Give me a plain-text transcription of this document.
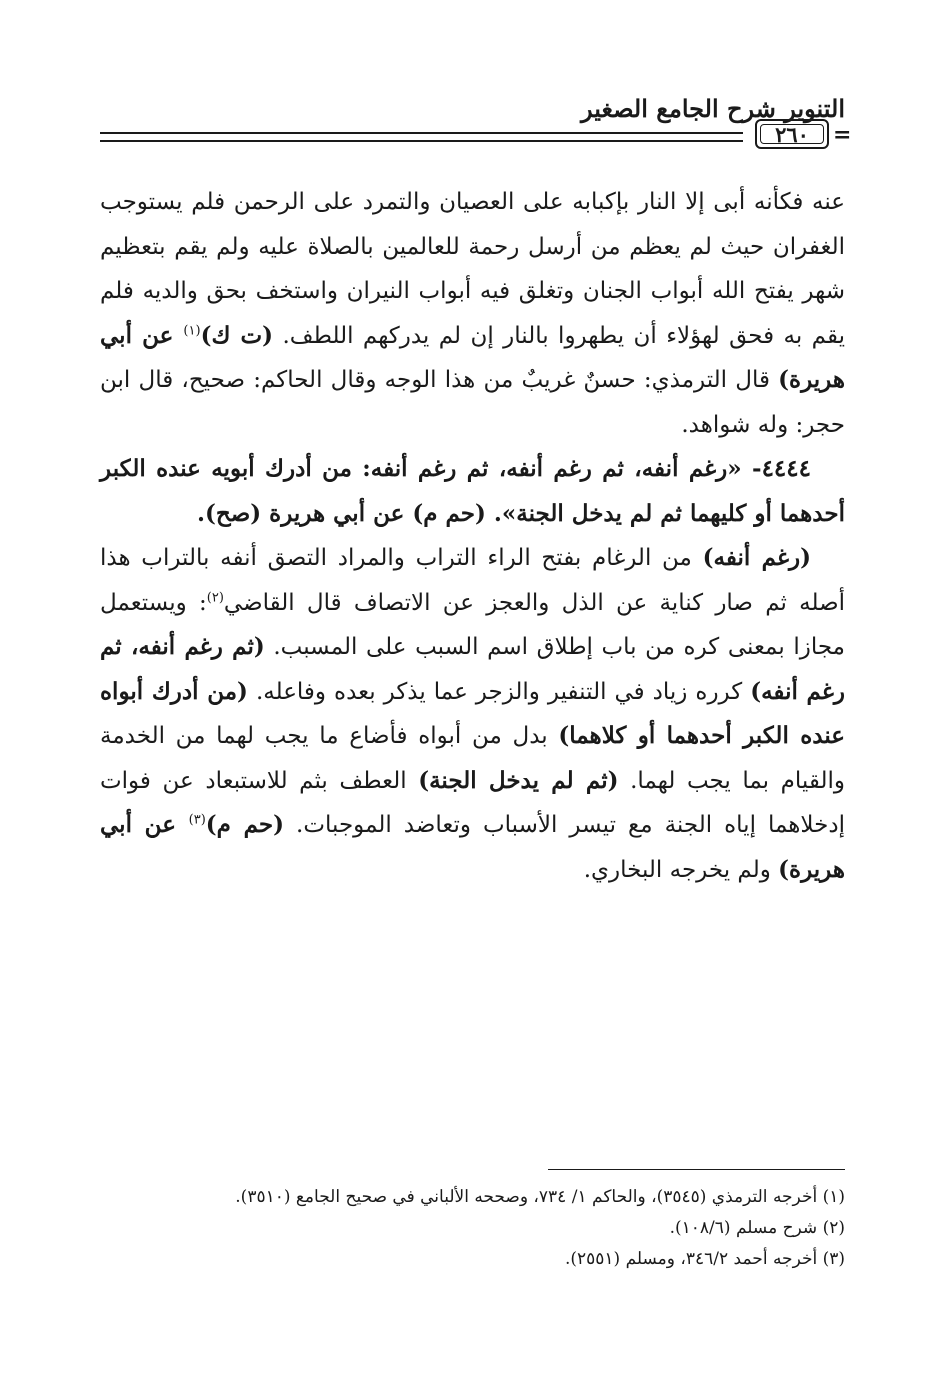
التنوير شرح الجامع الصغير
٢٦٠	=

عنه فكأنه أبى إلا النار بإكبابه على العصيان والتمرد على الرحمن فلم يستوجب الغفران حيث لم يعظم من أرسل رحمة للعالمين بالصلاة عليه ولم يقم بتعظيم شهر يفتح الله أبواب الجنان وتغلق فيه أبواب النيران واستخف بحق والديه فلم يقم به فحق لهؤلاء أن يطهروا بالنار إن لم يدركهم اللطف. (ت ك)$^{(١)}$ عن أبي هريرة) قال الترمذي: حسنٌ غريبٌ من هذا الوجه وقال الحاكم: صحيح، قال ابن حجر: وله شواهد.

٤٤٤٤- «رغم أنفه، ثم رغم أنفه، ثم رغم أنفه: من أدرك أبويه عنده الكبر أحدهما أو كليهما ثم لم يدخل الجنة». (حم م) عن أبي هريرة (صح).

(رغم أنفه) من الرغام بفتح الراء التراب والمراد التصق أنفه بالتراب هذا أصله ثم صار كناية عن الذل والعجز عن الاتصاف قال القاضي$^{(٢)}$: ويستعمل مجازا بمعنى كره من باب إطلاق اسم السبب على المسبب. (ثم رغم أنفه، ثم رغم أنفه) كرره زياد في التنفير والزجر عما يذكر بعده وفاعله. (من أدرك أبواه عنده الكبر أحدهما أو كلاهما) بدل من أبواه فأضاع ما يجب لهما من الخدمة والقيام بما يجب لهما. (ثم لم يدخل الجنة) العطف بثم للاستبعاد عن فوات إدخلاهما إياه الجنة مع تيسر الأسباب وتعاضد الموجبات. (حم م)$^{(٣)}$ عن أبي هريرة) ولم يخرجه البخاري.

(١) أخرجه الترمذي (٣٥٤٥)، والحاكم ١/ ٧٣٤، وصححه الألباني في صحيح الجامع (٣٥١٠).
(٢) شرح مسلم (١٠٨/٦).
(٣) أخرجه أحمد ٣٤٦/٢، ومسلم (٢٥٥١).
